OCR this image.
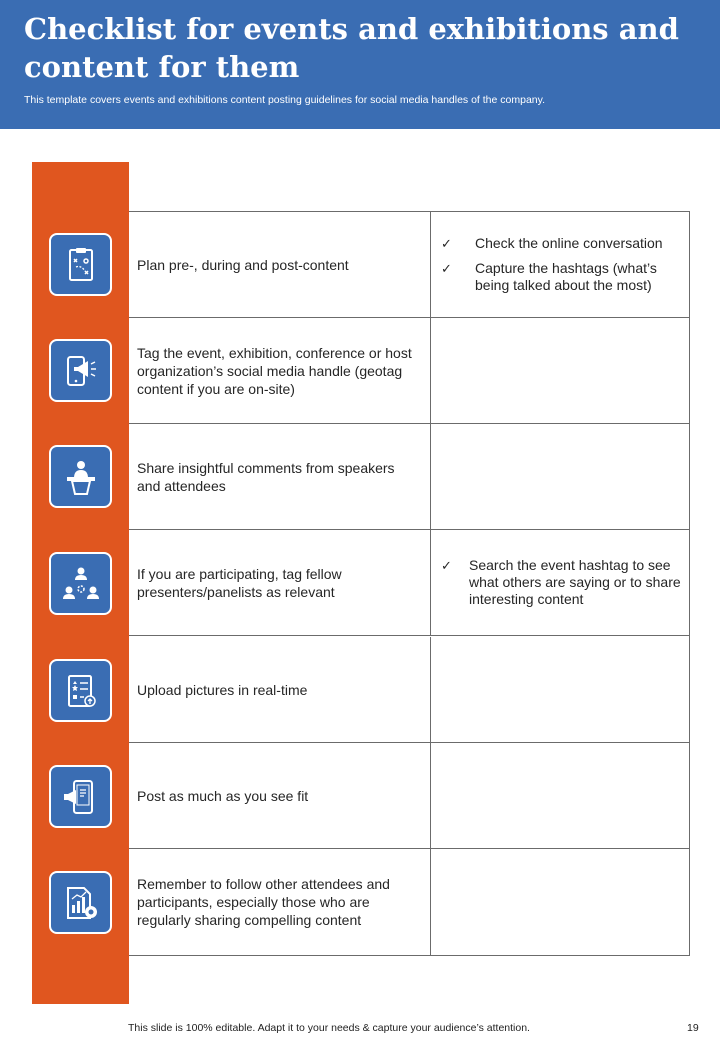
Checklist for events and exhibitions and content for them
This template covers events and exhibitions content posting guidelines for social media handles of the company.
Plan pre-, during and post-content
✓	Check the online conversation
✓	Capture the hashtags (what’s being talked about the most)
Tag the event, exhibition, conference or host organization’s social media handle (geotag content if you are on-site)
Share insightful comments from speakers and attendees
If you are participating, tag fellow presenters/panelists as relevant
✓	Search the event hashtag to see what others are saying or to share interesting content
Upload pictures in real-time
Post as much as you see fit
Remember to follow other attendees and participants, especially those who are regularly sharing compelling content
This slide is 100% editable. Adapt it to your needs & capture your audience’s attention.	19
